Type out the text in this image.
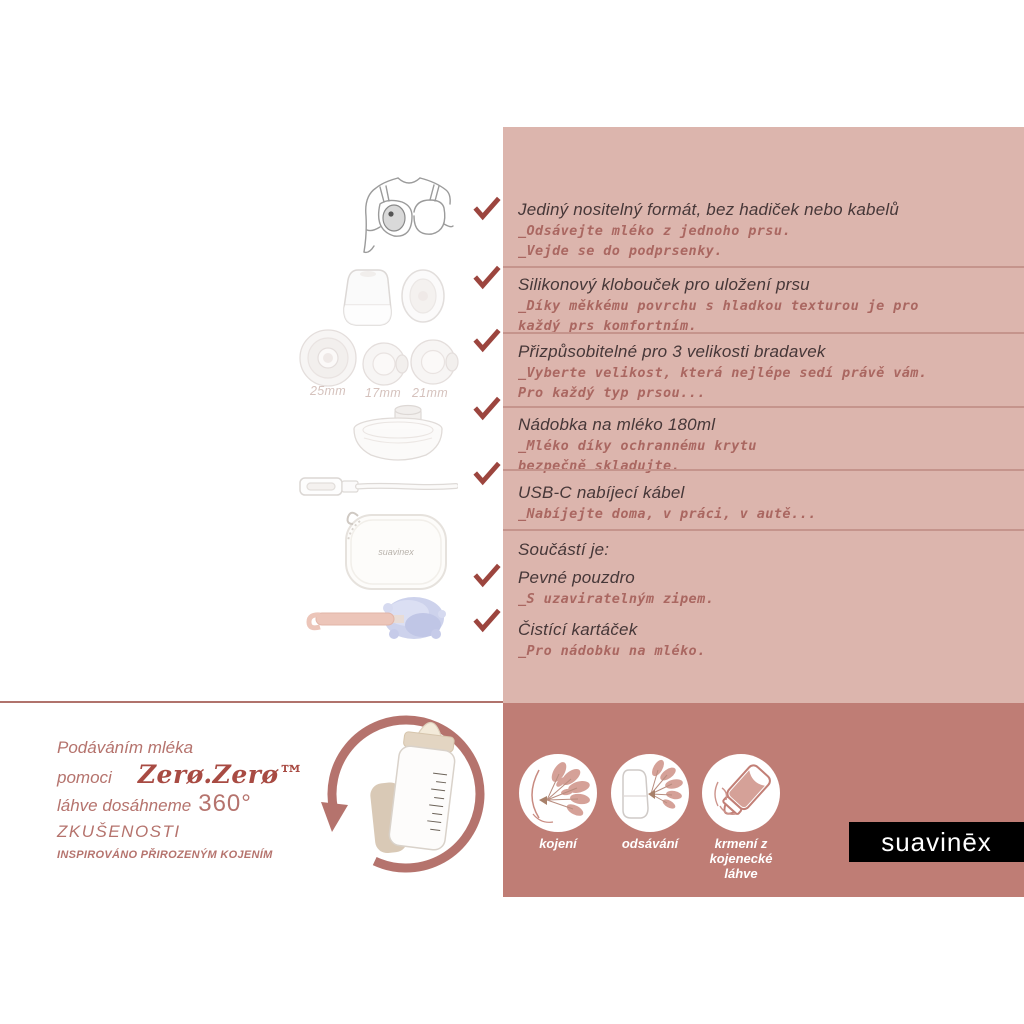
25mm 17mm 21mm
suavinex
Jediný nositelný formát, bez hadiček nebo kabelů
_Odsávejte mléko z jednoho prsu.
_Vejde se do podprsenky.
Silikonový klobouček pro uložení prsu
_Díky měkkému povrchu s hladkou texturou je pro
každý prs komfortním.
Přizpůsobitelné pro 3 velikosti bradavek
_Vyberte velikost, která nejlépe sedí právě vám.
Pro každý typ prsou...
Nádobka na mléko 180ml
_Mléko díky ochrannému krytu
bezpečně skladujte.
USB-C nabíjecí kábel
_Nabíjejte doma, v práci, v autě...
Součástí je:
Pevné pouzdro
_S uzaviratelným zipem.
Čistící kartáček
_Pro nádobku na mléko.
Podáváním mléka
pomoci Zerø.Zerø™
láhve dosáhneme 360°
ZKUŠENOSTI
INSPIROVÁNO PŘIROZENÝM KOJENÍM
kojení	odsávání	krmení z
kojenecké
láhve
suavinēx
